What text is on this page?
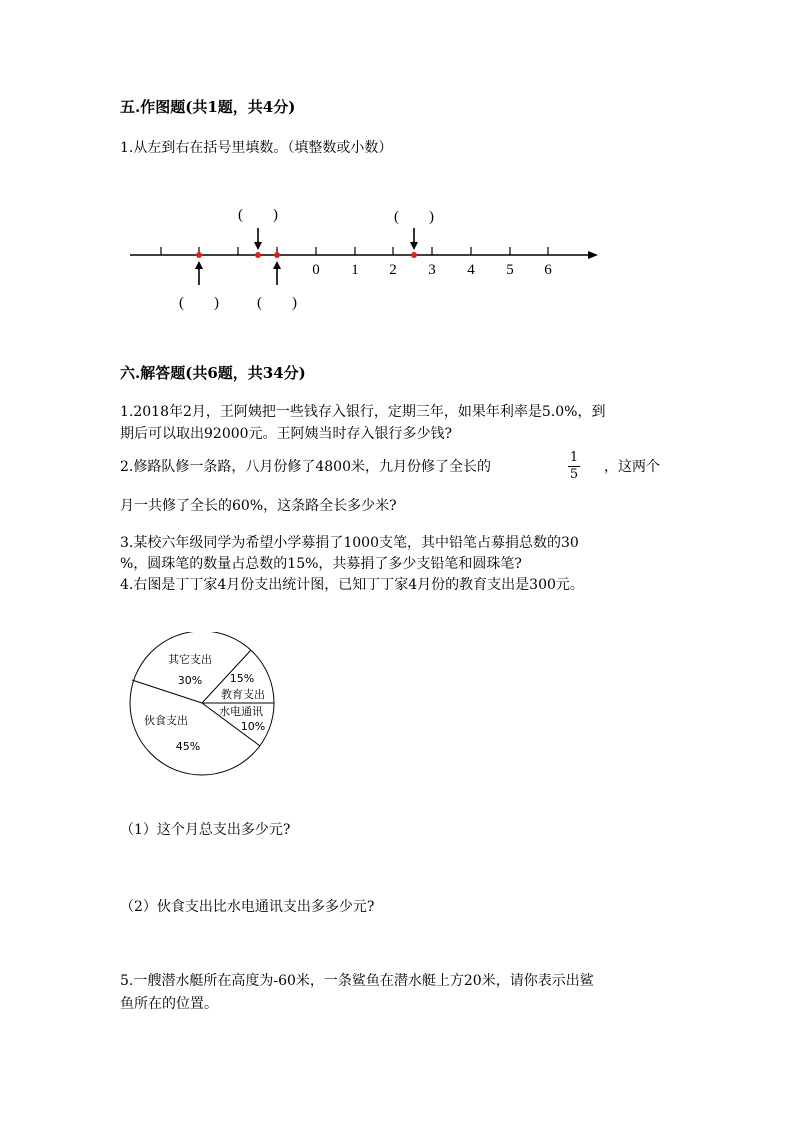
五.作图题(共1题，共4分)
1.从左到右在括号里填数。（填整数或小数）
0 1 2 3 4 5 6
(　　)	(　　)
(　　)	(　　)
六.解答题(共6题，共34分)
1.2018年2月，王阿姨把一些钱存入银行，定期三年，如果年利率是5.0%，到
期后可以取出92000元。王阿姨当时存入银行多少钱?
2.修路队修一条路，八月份修了4800米，九月份修了全长的
1
5 ，这两个
月一共修了全长的60%，这条路全长多少米?
3.某校六年级同学为希望小学募捐了1000支笔，其中铅笔占募捐总数的30
%，圆珠笔的数量占总数的15%，共募捐了多少支铅笔和圆珠笔?
4.右图是丁丁家4月份支出统计图，已知丁丁家4月份的教育支出是300元。
其它支出
30%	15%
教育支出
水电通讯
10%
伙食支出
45%
（1）这个月总支出多少元?
（2）伙食支出比水电通讯支出多多少元?
5.一艘潜水艇所在高度为-60米，一条鲨鱼在潜水艇上方20米，请你表示出鲨
鱼所在的位置。
